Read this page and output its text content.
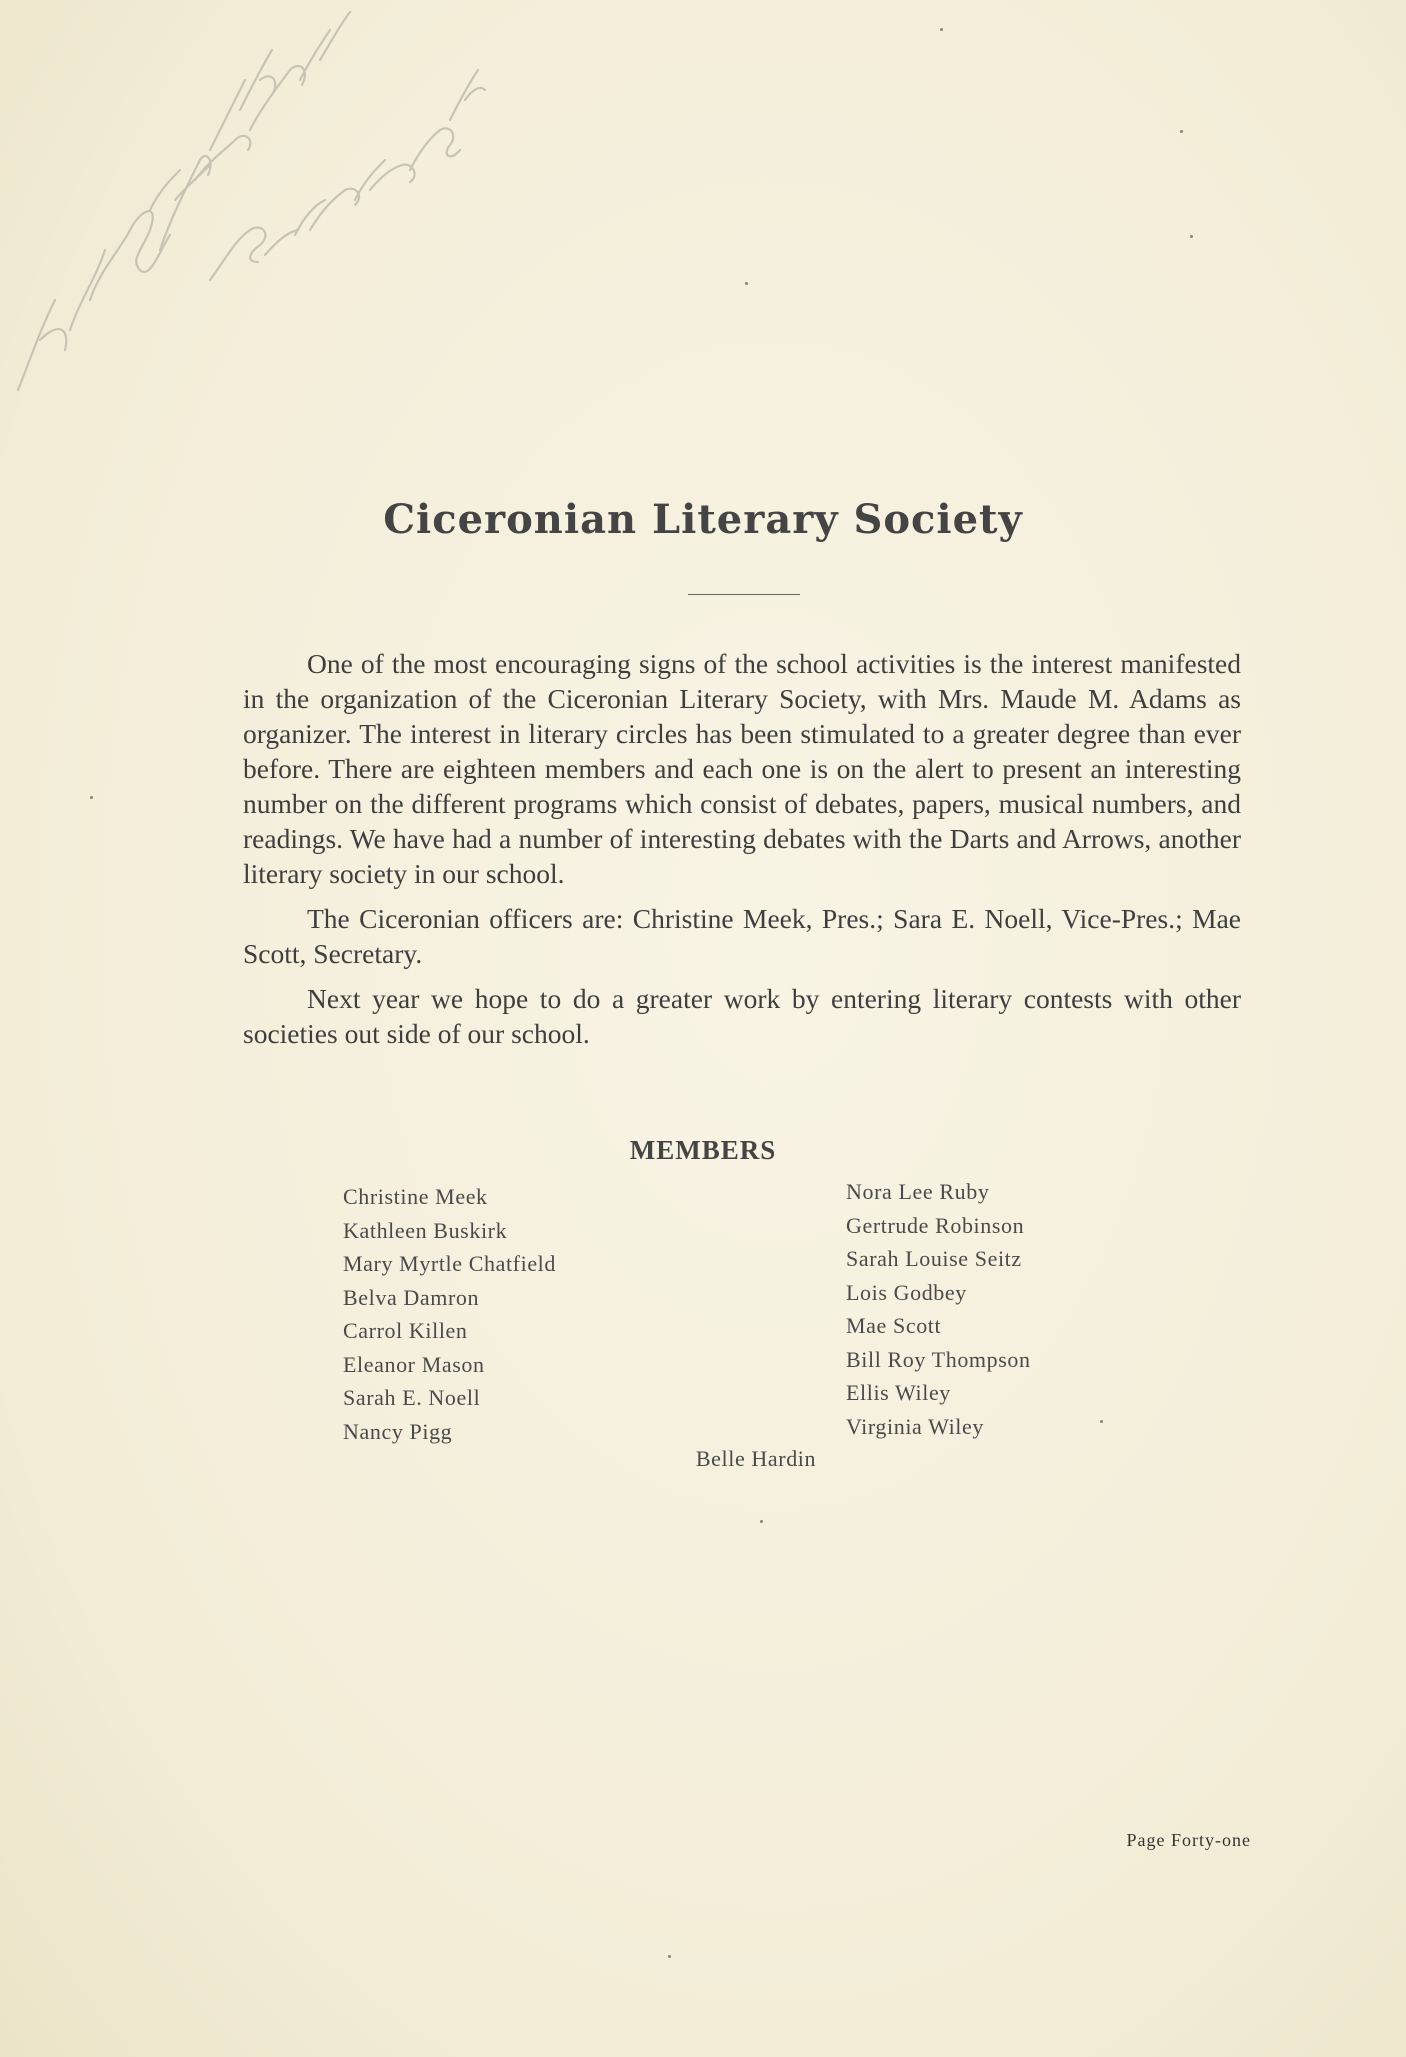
Ciceronian Literary Society

One of the most encouraging signs of the school activities is the interest manifested in the organization of the Ciceronian Literary Society, with Mrs. Maude M. Adams as organizer. The interest in literary circles has been stimulated to a greater degree than ever before. There are eighteen members and each one is on the alert to present an interesting number on the different programs which consist of debates, papers, musical numbers, and readings. We have had a number of interesting debates with the Darts and Arrows, another literary society in our school.

The Ciceronian officers are: Christine Meek, Pres.; Sara E. Noell, Vice-Pres.; Mae Scott, Secretary.

Next year we hope to do a greater work by entering literary contests with other societies out side of our school.

MEMBERS
Christine Meek
Kathleen Buskirk
Mary Myrtle Chatfield
Belva Damron
Carrol Killen
Eleanor Mason
Sarah E. Noell
Nancy Pigg
Nora Lee Ruby
Gertrude Robinson
Sarah Louise Seitz
Lois Godbey
Mae Scott
Bill Roy Thompson
Ellis Wiley
Virginia Wiley

Belle Hardin

Page Forty-one
